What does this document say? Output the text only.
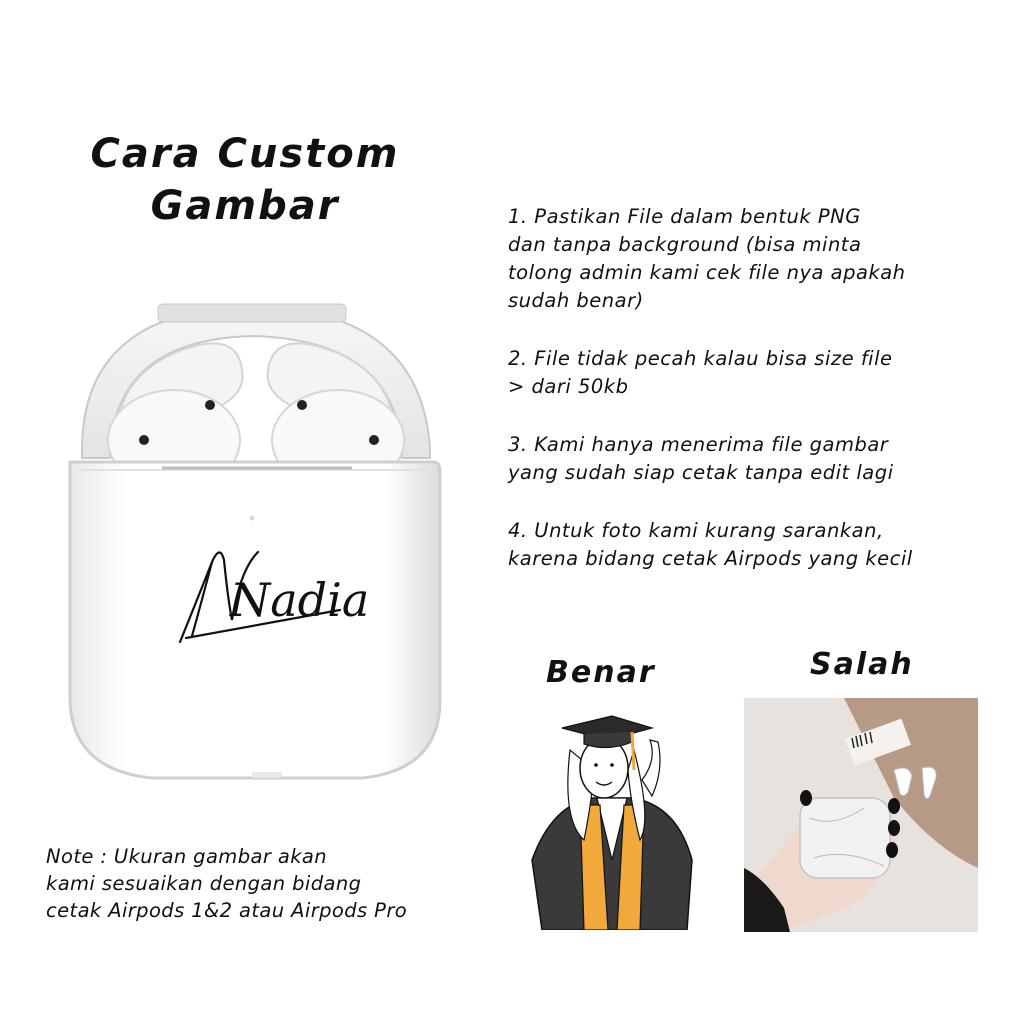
Cara Custom
Gambar
Nadia
1. Pastikan File dalam bentuk PNG
dan tanpa background (bisa minta
tolong admin kami cek file nya apakah
sudah benar)
2. File tidak pecah kalau bisa size file
> dari 50kb
3. Kami hanya menerima file gambar
yang sudah siap cetak tanpa edit lagi
4. Untuk foto kami kurang sarankan,
karena bidang cetak Airpods yang kecil
Benar	Salah
Note : Ukuran gambar akan
kami sesuaikan dengan bidang
cetak Airpods 1&2 atau Airpods Pro
